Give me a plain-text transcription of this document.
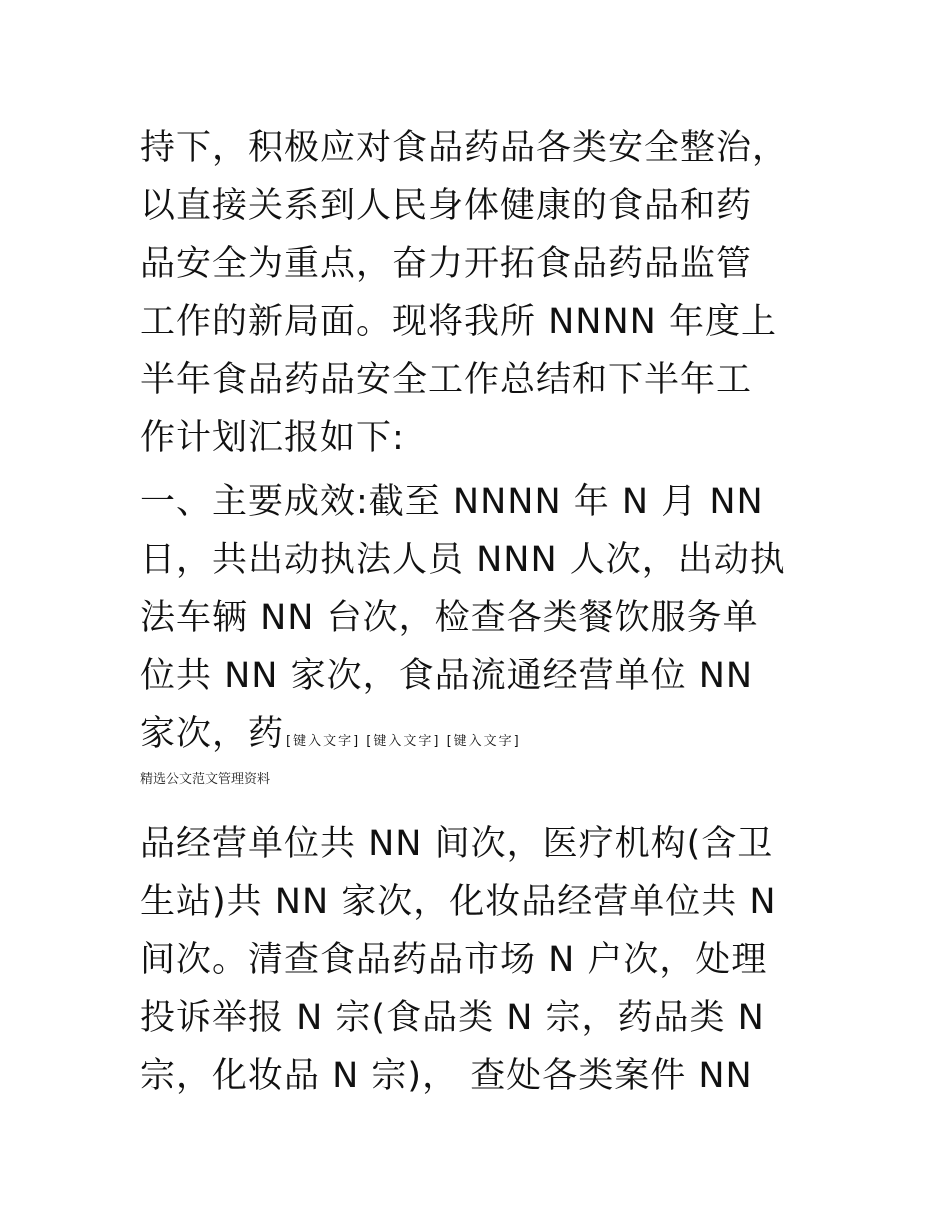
持下，积极应对食品药品各类安全整治，
以直接关系到人民身体健康的食品和药
品安全为重点，奋力开拓食品药品监管
工作的新局面。现将我所 NNNN 年度上
半年食品药品安全工作总结和下半年工
作计划汇报如下:
一、主要成效:截至 NNNN 年 N 月 NN
日，共出动执法人员 NNN 人次，出动执
法车辆 NN 台次，检查各类餐饮服务单
位共 NN 家次，食品流通经营单位 NN
家次，药 [键入文字] [键入文字] [键入文字]
精选公文范文管理资料
品经营单位共 NN 间次，医疗机构(含卫
生站)共 NN 家次，化妆品经营单位共 N
间次。清查食品药品市场 N 户次，处理
投诉举报 N 宗(食品类 N 宗，药品类 N
宗，化妆品 N 宗)， 查处各类案件 NN
